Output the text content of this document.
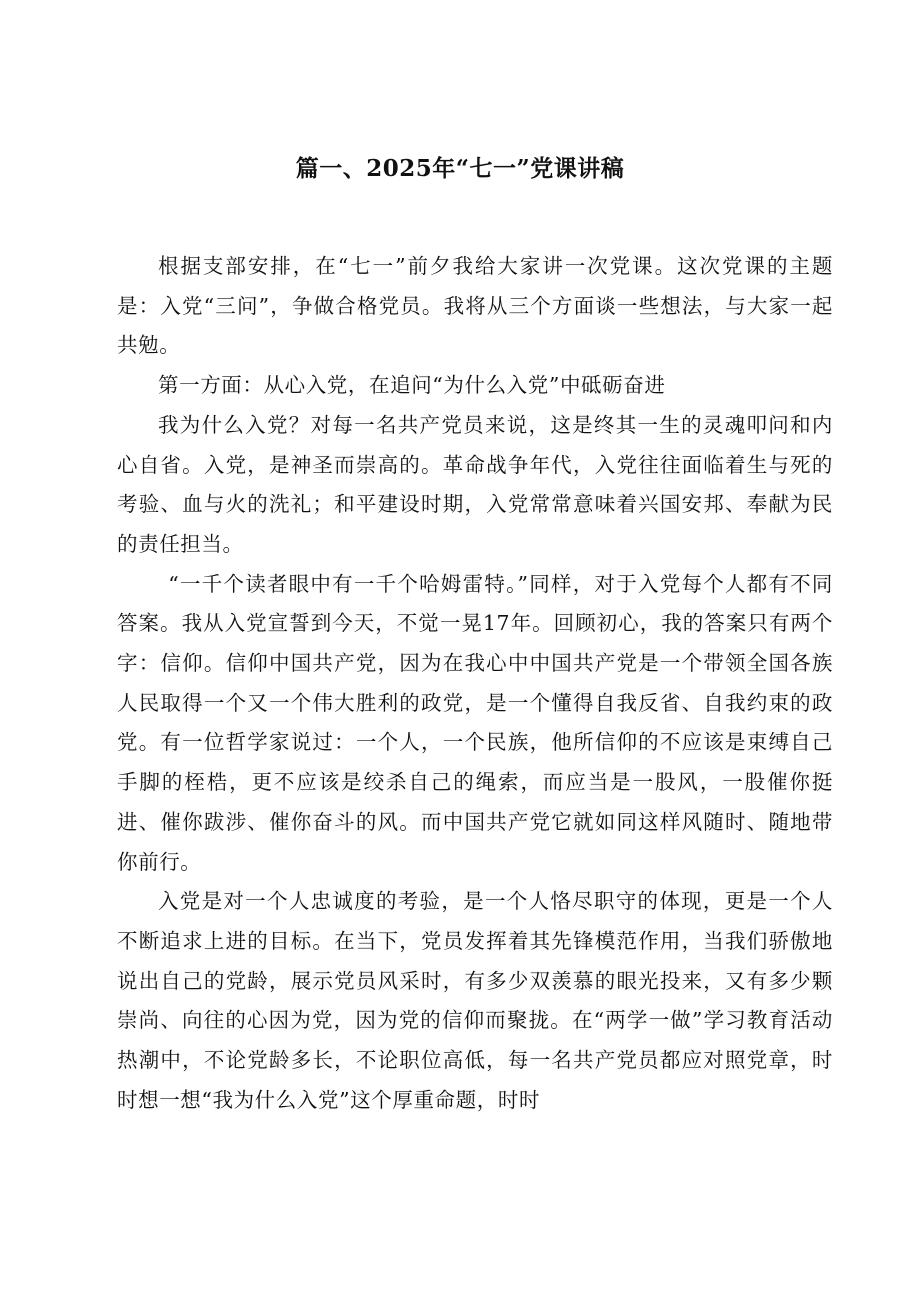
篇一、2025年“七一”党课讲稿

根据支部安排，在“七一”前夕我给大家讲一次党课。这次党课的主题是：入党“三问”，争做合格党员。我将从三个方面谈一些想法，与大家一起共勉。

第一方面：从心入党，在追问“为什么入党”中砥砺奋进

我为什么入党？对每一名共产党员来说，这是终其一生的灵魂叩问和内心自省。入党，是神圣而崇高的。革命战争年代，入党往往面临着生与死的考验、血与火的洗礼；和平建设时期，入党常常意味着兴国安邦、奉献为民的责任担当。

“一千个读者眼中有一千个哈姆雷特。”同样，对于入党每个人都有不同答案。我从入党宣誓到今天，不觉一晃17年。回顾初心，我的答案只有两个字：信仰。信仰中国共产党，因为在我心中中国共产党是一个带领全国各族人民取得一个又一个伟大胜利的政党，是一个懂得自我反省、自我约束的政党。有一位哲学家说过：一个人，一个民族，他所信仰的不应该是束缚自己手脚的桎梏，更不应该是绞杀自己的绳索，而应当是一股风，一股催你挺进、催你跋涉、催你奋斗的风。而中国共产党它就如同这样风随时、随地带你前行。

入党是对一个人忠诚度的考验，是一个人恪尽职守的体现，更是一个人不断追求上进的目标。在当下，党员发挥着其先锋模范作用，当我们骄傲地说出自己的党龄，展示党员风采时，有多少双羡慕的眼光投来，又有多少颗崇尚、向往的心因为党，因为党的信仰而聚拢。在“两学一做”学习教育活动热潮中，不论党龄多长，不论职位高低，每一名共产党员都应对照党章，时时想一想“我为什么入党”这个厚重命题，时时
